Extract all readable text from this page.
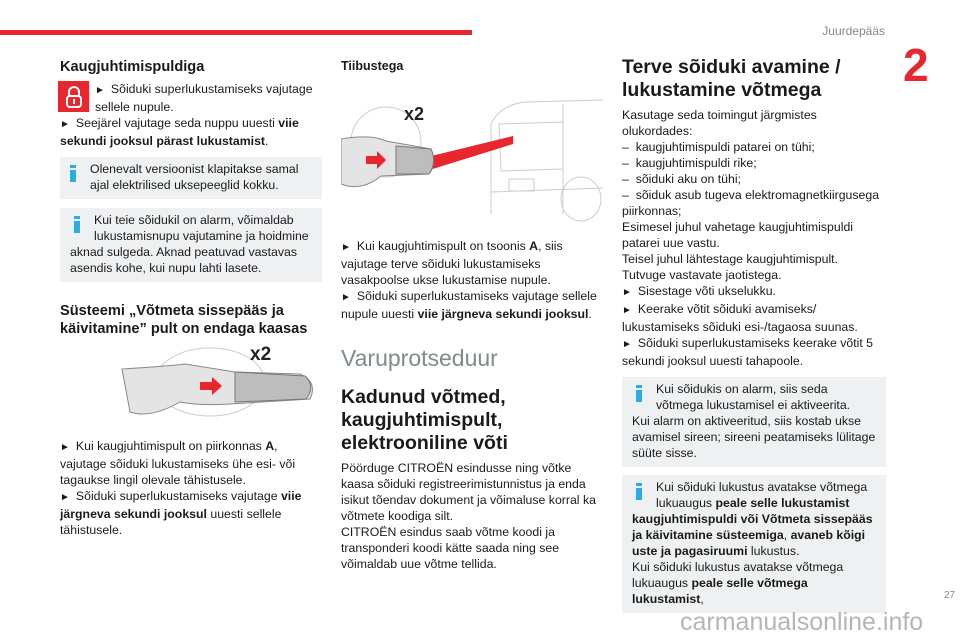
Juurdepääs
2

Kaugjuhtimispuldiga

► Sõiduki superlukustamiseks vajutage sellele nupule.

► Seejärel vajutage seda nuppu uuesti viie sekundi jooksul pärast lukustamist.

Olenevalt versioonist klapitakse samal ajal elektrilised uksepeeglid kokku.
Kui teie sõidukil on alarm, võimaldab lukustamisnupu vajutamine ja hoidmine aknad sulgeda. Aknad peatuvad vastavas asendis kohe, kui nupu lahti lasete.

Süsteemi „Võtmeta sissepääs ja käivitamine” pult on endaga kaasas

x2

► Kui kaugjuhtimispult on piirkonnas A, vajutage sõiduki lukustamiseks ühe esi- või tagaukse lingil olevale tähistusele.

► Sõiduki superlukustamiseks vajutage viie järgneva sekundi jooksul uuesti sellele tähistusele.

Tiibustega

x2

► Kui kaugjuhtimispult on tsoonis A, siis vajutage terve sõiduki lukustamiseks vasakpoolse ukse lukustamise nupule.

► Sõiduki superlukustamiseks vajutage sellele nupule uuesti viie järgneva sekundi jooksul.

Varuprotseduur

Kadunud võtmed, kaugjuhtimispult, elektrooniline võti

Pöörduge CITROËN esindusse ning võtke kaasa sõiduki registreerimistunnistus ja enda isikut tõendav dokument ja võimaluse korral ka võtmete koodiga silt.

CITROËN esindus saab võtme koodi ja transponderi koodi kätte saada ning see võimaldab uue võtme tellida.

Terve sõiduki avamine / lukustamine võtmega

Kasutage seda toimingut järgmistes olukordades:

–  kaugjuhtimispuldi patarei on tühi;

–  kaugjuhtimispuldi rike;

–  sõiduki aku on tühi;

–  sõiduk asub tugeva elektromagnetkiirgusega piirkonnas;

Esimesel juhul vahetage kaugjuhtimispuldi patarei uue vastu.

Teisel juhul lähtestage kaugjuhtimispult.

Tutvuge vastavate jaotistega.

► Sisestage võti ukselukku.

► Keerake võtit sõiduki avamiseks/ lukustamiseks sõiduki esi-/tagaosa suunas.

► Sõiduki superlukustamiseks keerake võtit 5 sekundi jooksul uuesti tahapoole.

Kui sõidukis on alarm, siis seda võtmega lukustamisel ei aktiveerita.

Kui alarm on aktiveeritud, siis kostab ukse avamisel sireen; sireeni peatamiseks lülitage süüte sisse.

Kui sõiduki lukustus avatakse võtmega lukuaugus peale selle lukustamist kaugjuhtimispuldi või Võtmeta sissepääs ja käivitamine süsteemiga, avaneb kõigi uste ja pagasiruumi lukustus.

Kui sõiduki lukustus avatakse võtmega lukuaugus peale selle võtmega lukustamist,

carmanualsonline.info
27
